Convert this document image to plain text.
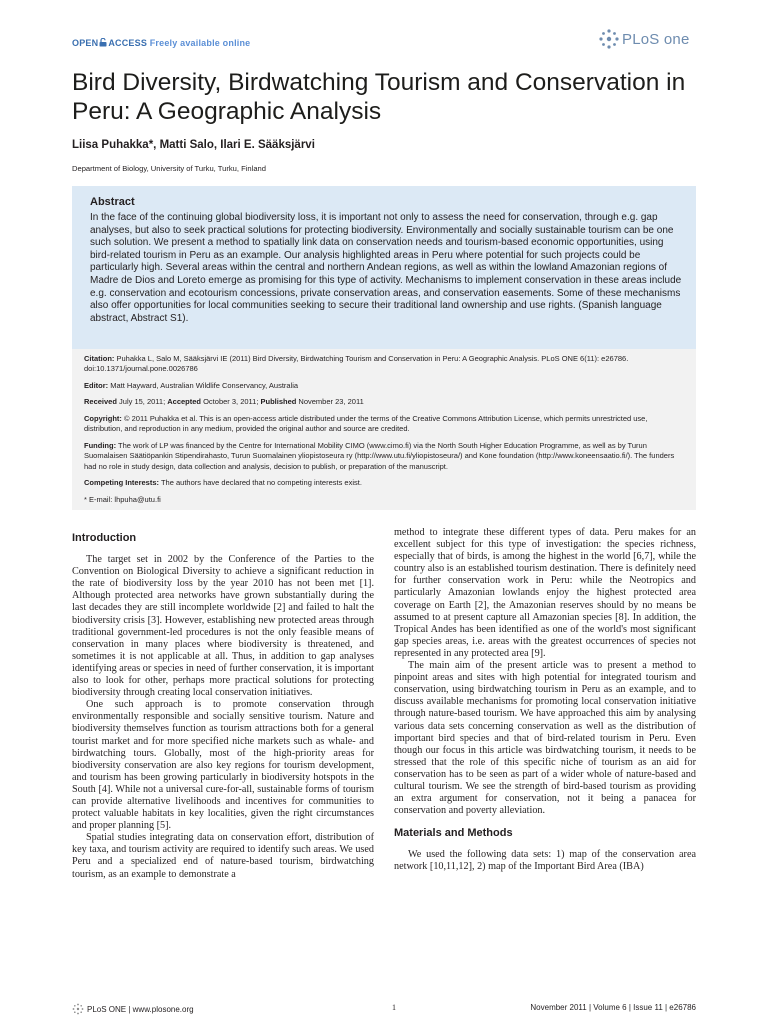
OPEN ACCESS Freely available online	PLoS one
Bird Diversity, Birdwatching Tourism and Conservation in Peru: A Geographic Analysis
Liisa Puhakka*, Matti Salo, Ilari E. Sääksjärvi
Department of Biology, University of Turku, Turku, Finland
Abstract
In the face of the continuing global biodiversity loss, it is important not only to assess the need for conservation, through e.g. gap analyses, but also to seek practical solutions for protecting biodiversity. Environmentally and socially sustainable tourism can be one such solution. We present a method to spatially link data on conservation needs and tourism-based economic opportunities, using bird-related tourism in Peru as an example. Our analysis highlighted areas in Peru where potential for such projects could be particularly high. Several areas within the central and northern Andean regions, as well as within the lowland Amazonian regions of Madre de Dios and Loreto emerge as promising for this type of activity. Mechanisms to implement conservation in these areas include e.g. conservation and ecotourism concessions, private conservation areas, and conservation easements. Some of these mechanisms also offer opportunities for local communities seeking to secure their traditional land ownership and use rights. (Spanish language abstract, Abstract S1).
Citation: Puhakka L, Salo M, Sääksjärvi IE (2011) Bird Diversity, Birdwatching Tourism and Conservation in Peru: A Geographic Analysis. PLoS ONE 6(11): e26786. doi:10.1371/journal.pone.0026786
Editor: Matt Hayward, Australian Wildlife Conservancy, Australia
Received July 15, 2011; Accepted October 3, 2011; Published November 23, 2011
Copyright: © 2011 Puhakka et al. This is an open-access article distributed under the terms of the Creative Commons Attribution License, which permits unrestricted use, distribution, and reproduction in any medium, provided the original author and source are credited.
Funding: The work of LP was financed by the Centre for International Mobility CIMO (www.cimo.fi) via the North South Higher Education Programme, as well as by Turun Suomalaisen Säätiöpankin Stipendirahasto, Turun Suomalainen yliopistoseura ry (http://www.utu.fi/yliopistoseura/) and Kone foundation (http://www.koneensaatio.fi/). The funders had no role in study design, data collection and analysis, decision to publish, or preparation of the manuscript.
Competing Interests: The authors have declared that no competing interests exist.
* E-mail: lhpuha@utu.fi
Introduction

The target set in 2002 by the Conference of the Parties to the Convention on Biological Diversity to achieve a significant reduction in the rate of biodiversity loss by the year 2010 has not been met [1]. Although protected area networks have grown substantially during the last decades they are still incomplete worldwide [2] and failed to halt the biodiversity crisis [3]. However, establishing new protected areas through traditional government-led procedures is not the only feasible means of conservation in many places where biodiversity is threatened, and sometimes it is not applicable at all. Thus, in addition to gap analyses identifying areas or species in need of further conservation, it is important also to look for other, perhaps more practical solutions for protecting biodiversity through creating local conservation initiatives.

One such approach is to promote conservation through environmentally responsible and socially sensitive tourism. Nature and biodiversity themselves function as tourism attractions both for a general tourist market and for more specified niche markets such as whale- and birdwatching tours. Globally, most of the high-priority areas for biodiversity conservation are also key regions for tourism development, and tourism has been growing particularly in biodiversity hotspots in the South [4]. While not a universal cure-for-all, sustainable forms of tourism can provide alternative livelihoods and incentives for communities to protect valuable habitats in key localities, given the right circumstances and proper planning [5].

Spatial studies integrating data on conservation effort, distribution of key taxa, and tourism activity are required to identify such areas. We used Peru and a specialized end of nature-based tourism, birdwatching tourism, as an example to demonstrate a

method to integrate these different types of data. Peru makes for an excellent subject for this type of investigation: the species richness, especially that of birds, is among the highest in the world [6,7], while the country also is an established tourism destination. There is definitely need for further conservation work in Peru: while the Neotropics and particularly Amazonian lowlands enjoy the highest protected area coverage on Earth [2], the Amazonian reserves should by no means be assumed to at present capture all Amazonian species [8]. In addition, the Tropical Andes has been identified as one of the world's most significant gap species areas, i.e. areas with the greatest occurrences of species not represented in any protected area [9].

The main aim of the present article was to present a method to pinpoint areas and sites with high potential for integrated tourism and conservation, using birdwatching tourism in Peru as an example, and to discuss available mechanisms for promoting local conservation initiative through nature-based tourism. We have approached this aim by analysing various data sets concerning conservation as well as the distribution of important bird species and that of bird-related tourism in Peru. Even though our focus in this article was birdwatching tourism, it needs to be stressed that the role of this specific niche of tourism as an aid for conservation has to be seen as part of a wider whole of nature-based and cultural tourism. We see the strength of bird-based tourism as providing an extra argument for conservation, not it being a panacea for conservation and poverty alleviation.

Materials and Methods

We used the following data sets: 1) map of the conservation area network [10,11,12], 2) map of the Important Bird Area (IBA)

PLoS ONE | www.plosone.org	1	November 2011 | Volume 6 | Issue 11 | e26786
